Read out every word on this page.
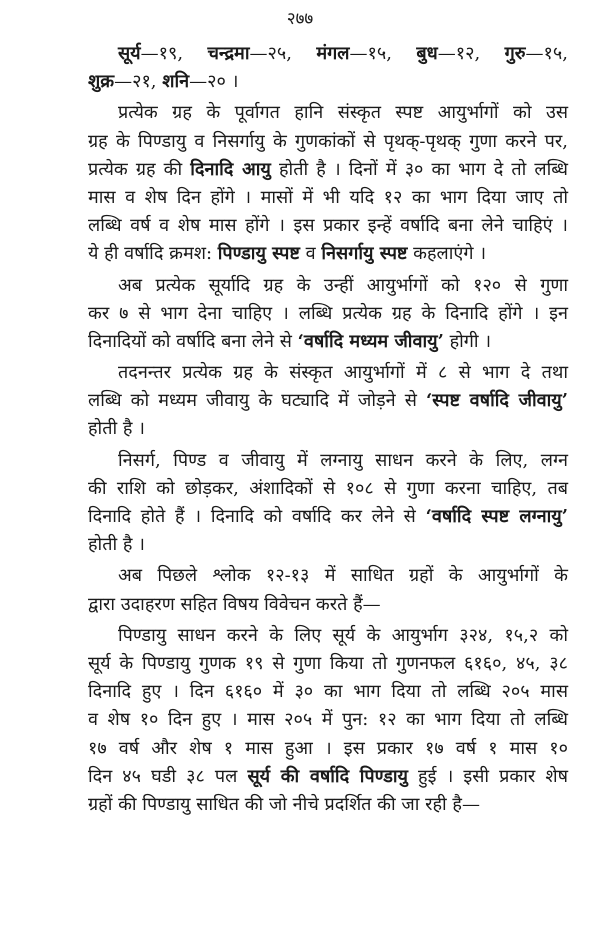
२७७
सूर्य—१९, चन्द्रमा—२५, मंगल—१५, बुध—१२, गुरु—१५,
शुक्र—२१, शनि—२० ।
प्रत्येक ग्रह के पूर्वागत हानि संस्कृत स्पष्ट आयुर्भागों को उस
ग्रह के पिण्डायु व निसर्गायु के गुणकांकों से पृथक्-पृथक् गुणा करने पर,
प्रत्येक ग्रह की दिनादि आयु होती है । दिनों में ३० का भाग दे तो लब्धि
मास व शेष दिन होंगे । मासों में भी यदि १२ का भाग दिया जाए तो
लब्धि वर्ष व शेष मास होंगे । इस प्रकार इन्हें वर्षादि बना लेने चाहिएं ।
ये ही वर्षादि क्रमश: पिण्डायु स्पष्ट व निसर्गायु स्पष्ट कहलाएंगे ।
अब प्रत्येक सूर्यादि ग्रह के उन्हीं आयुर्भागों को १२० से गुणा
कर ७ से भाग देना चाहिए । लब्धि प्रत्येक ग्रह के दिनादि होंगे । इन
दिनादियों को वर्षादि बना लेने से ‘वर्षादि मध्यम जीवायु’ होगी ।
तदनन्तर प्रत्येक ग्रह के संस्कृत आयुर्भागों में ८ से भाग दे तथा
लब्धि को मध्यम जीवायु के घट्यादि में जोड़ने से ‘स्पष्ट वर्षादि जीवायु’
होती है ।
निसर्ग, पिण्ड व जीवायु में लग्नायु साधन करने के लिए, लग्न
की राशि को छोड़कर, अंशादिकों से १०८ से गुणा करना चाहिए, तब
दिनादि होते हैं । दिनादि को वर्षादि कर लेने से ‘वर्षादि स्पष्ट लग्नायु’
होती है ।
अब पिछले श्लोक १२-१३ में साधित ग्रहों के आयुर्भागों के
द्वारा उदाहरण सहित विषय विवेचन करते हैं—
पिण्डायु साधन करने के लिए सूर्य के आयुर्भाग ३२४, १५,२ को
सूर्य के पिण्डायु गुणक १९ से गुणा किया तो गुणनफल ६१६०, ४५, ३८
दिनादि हुए । दिन ६१६० में ३० का भाग दिया तो लब्धि २०५ मास
व शेष १० दिन हुए । मास २०५ में पुन: १२ का भाग दिया तो लब्धि
१७ वर्ष और शेष १ मास हुआ । इस प्रकार १७ वर्ष १ मास १०
दिन ४५ घडी ३८ पल सूर्य की वर्षादि पिण्डायु हुई । इसी प्रकार शेष
ग्रहों की पिण्डायु साधित की जो नीचे प्रदर्शित की जा रही है—
